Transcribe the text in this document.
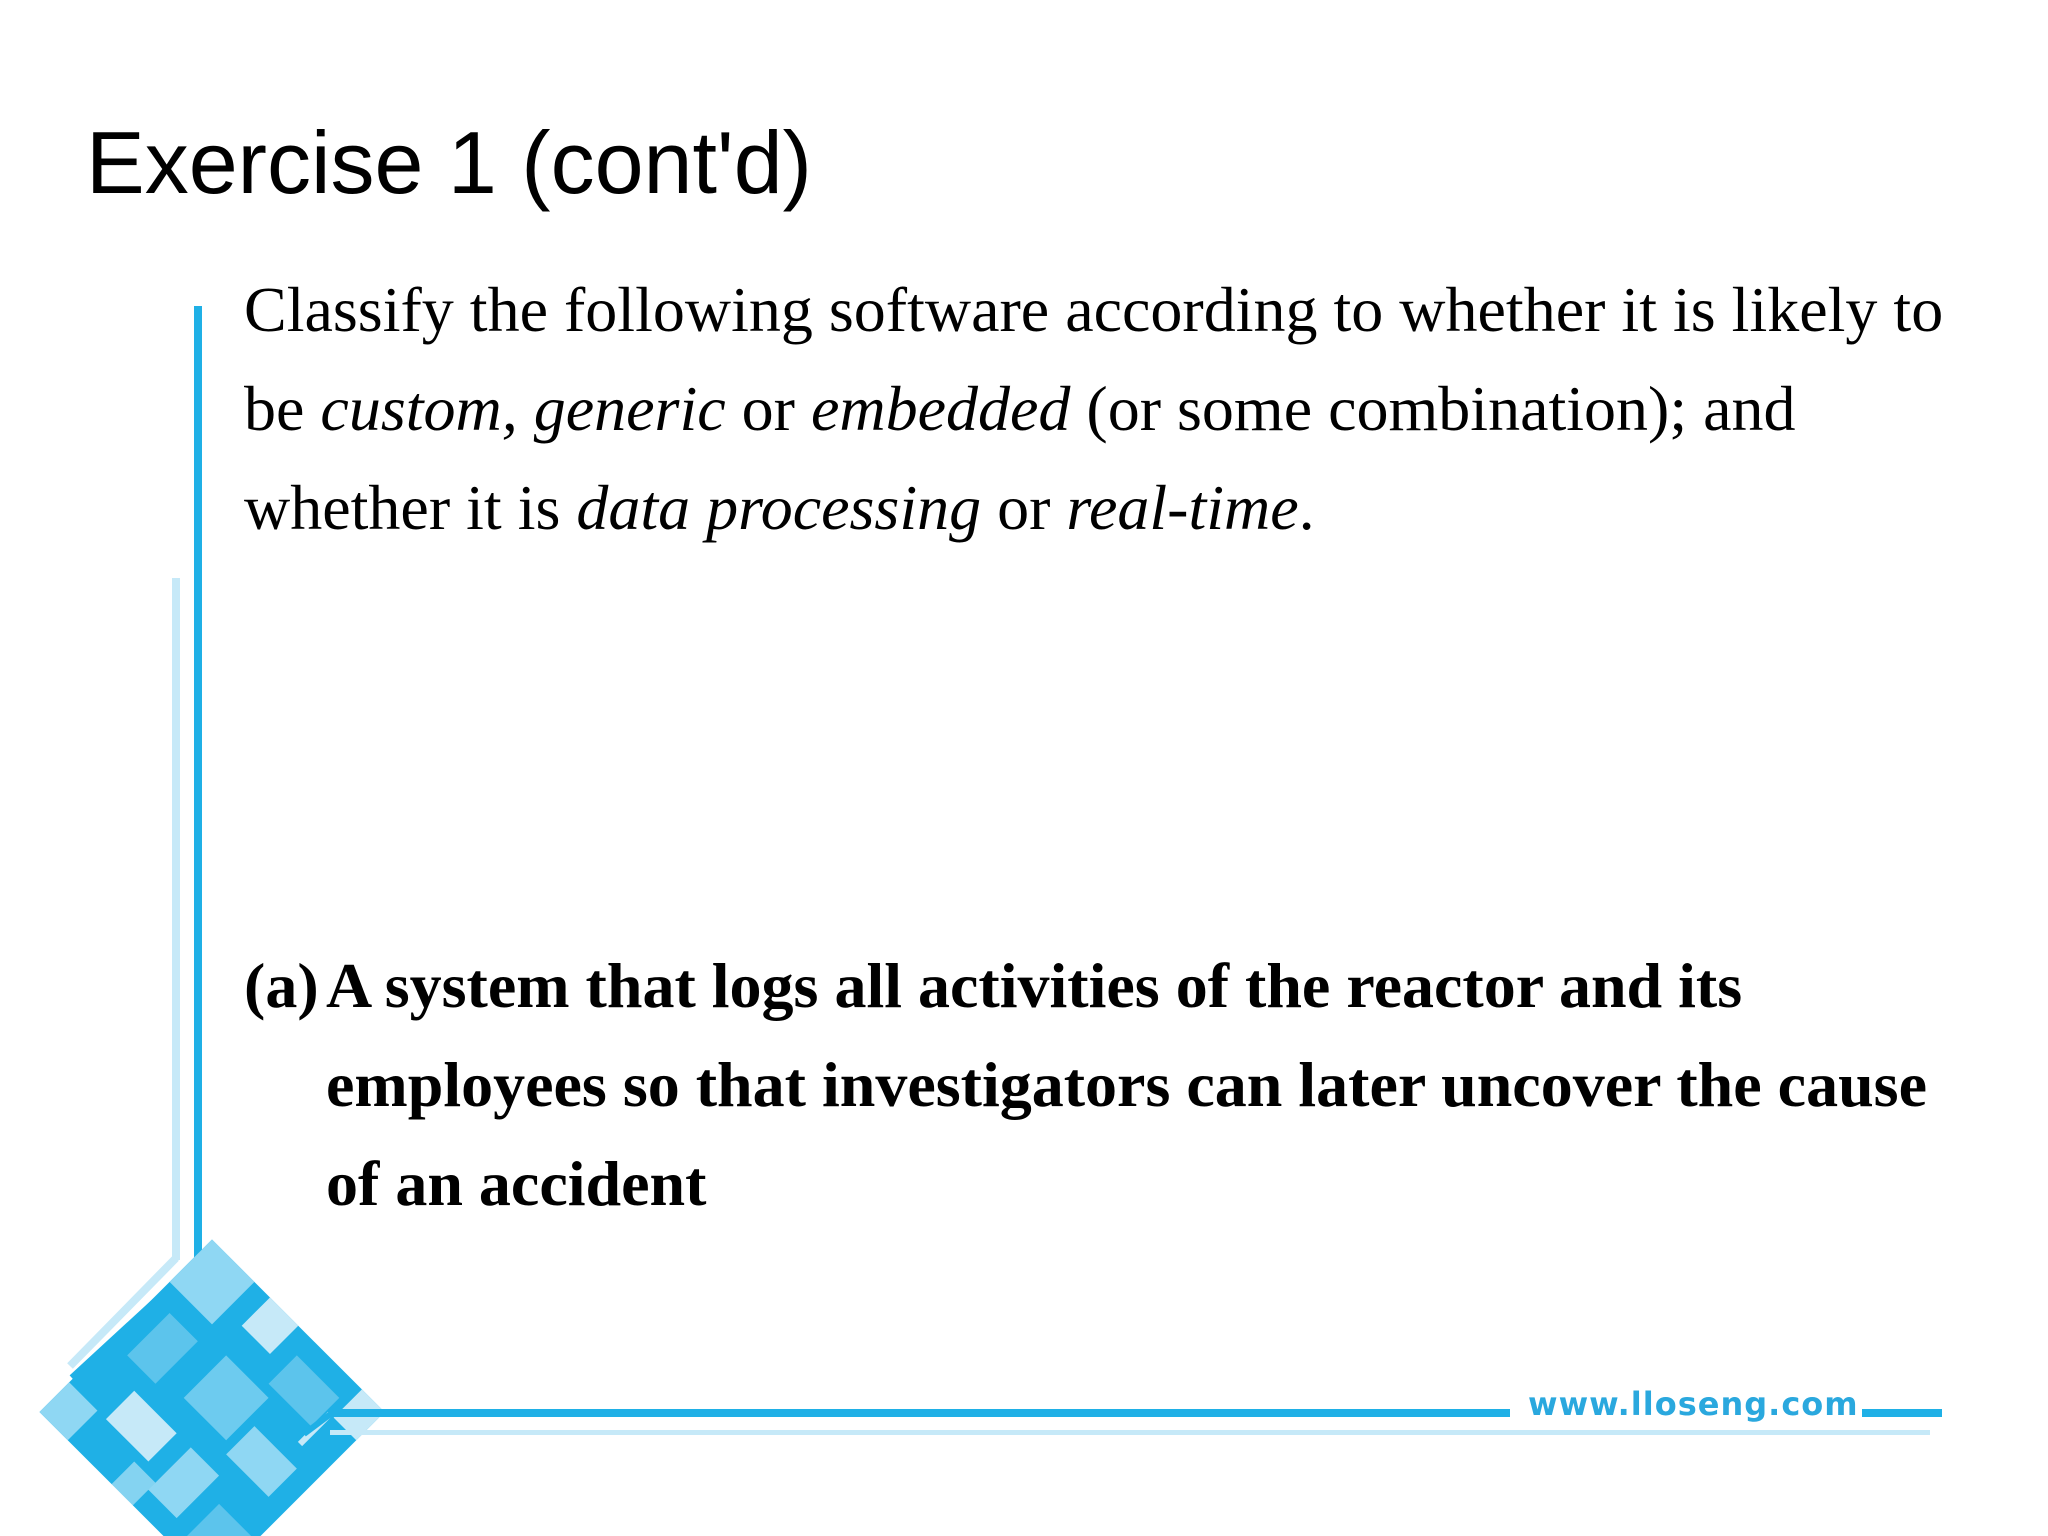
Exercise 1 (cont'd)

Classify the following software according to whether it is likely to be custom, generic or embedded (or some combination); and whether it is data processing or real-time.

(a) A system that logs all activities of the reactor and its employees so that investigators can later uncover the cause of an accident

www.lloseng.com
